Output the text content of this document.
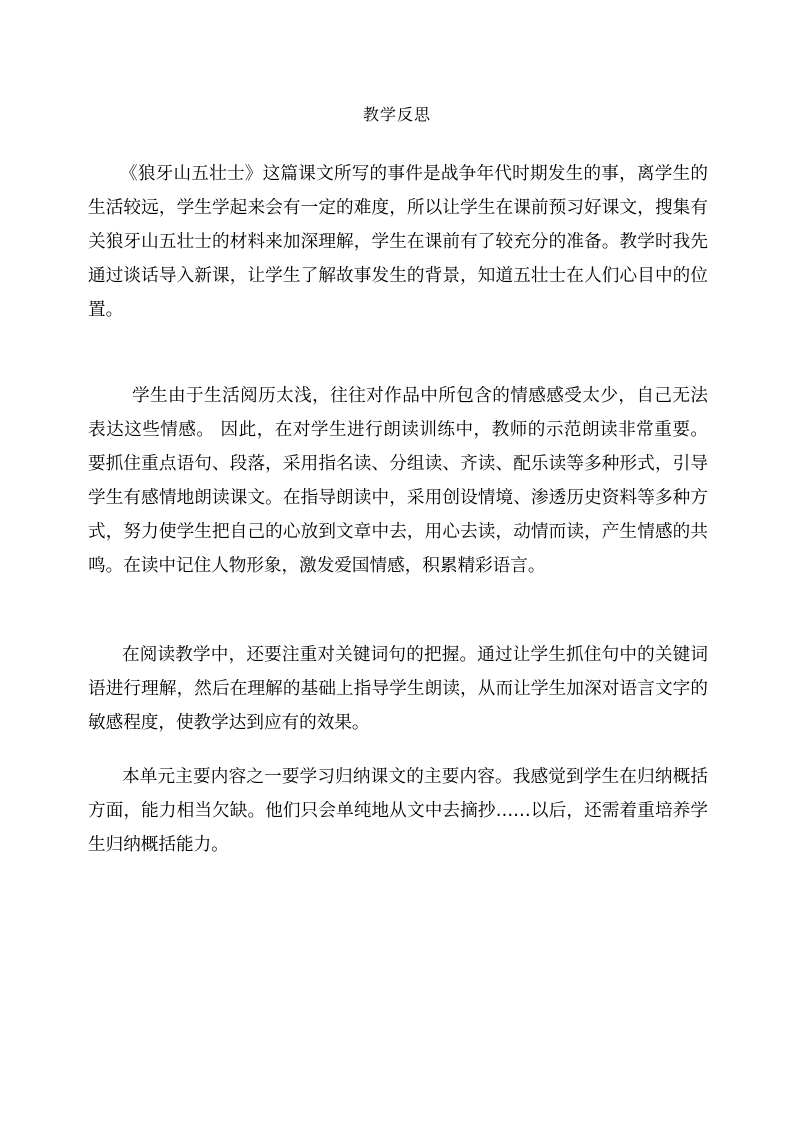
教学反思

《狼牙山五壮士》这篇课文所写的事件是战争年代时期发生的事，离学生的生活较远，学生学起来会有一定的难度，所以让学生在课前预习好课文，搜集有关狼牙山五壮士的材料来加深理解，学生在课前有了较充分的准备。教学时我先通过谈话导入新课，让学生了解故事发生的背景，知道五壮士在人们心目中的位置。

学生由于生活阅历太浅，往往对作品中所包含的情感感受太少，自己无法表达这些情感。 因此，在对学生进行朗读训练中，教师的示范朗读非常重要。要抓住重点语句、段落，采用指名读、分组读、齐读、配乐读等多种形式，引导学生有感情地朗读课文。在指导朗读中，采用创设情境、渗透历史资料等多种方式，努力使学生把自己的心放到文章中去，用心去读，动情而读，产生情感的共鸣。在读中记住人物形象，激发爱国情感，积累精彩语言。

在阅读教学中，还要注重对关键词句的把握。通过让学生抓住句中的关键词语进行理解，然后在理解的基础上指导学生朗读，从而让学生加深对语言文字的敏感程度，使教学达到应有的效果。

本单元主要内容之一要学习归纳课文的主要内容。我感觉到学生在归纳概括方面，能力相当欠缺。他们只会单纯地从文中去摘抄……以后，还需着重培养学生归纳概括能力。
